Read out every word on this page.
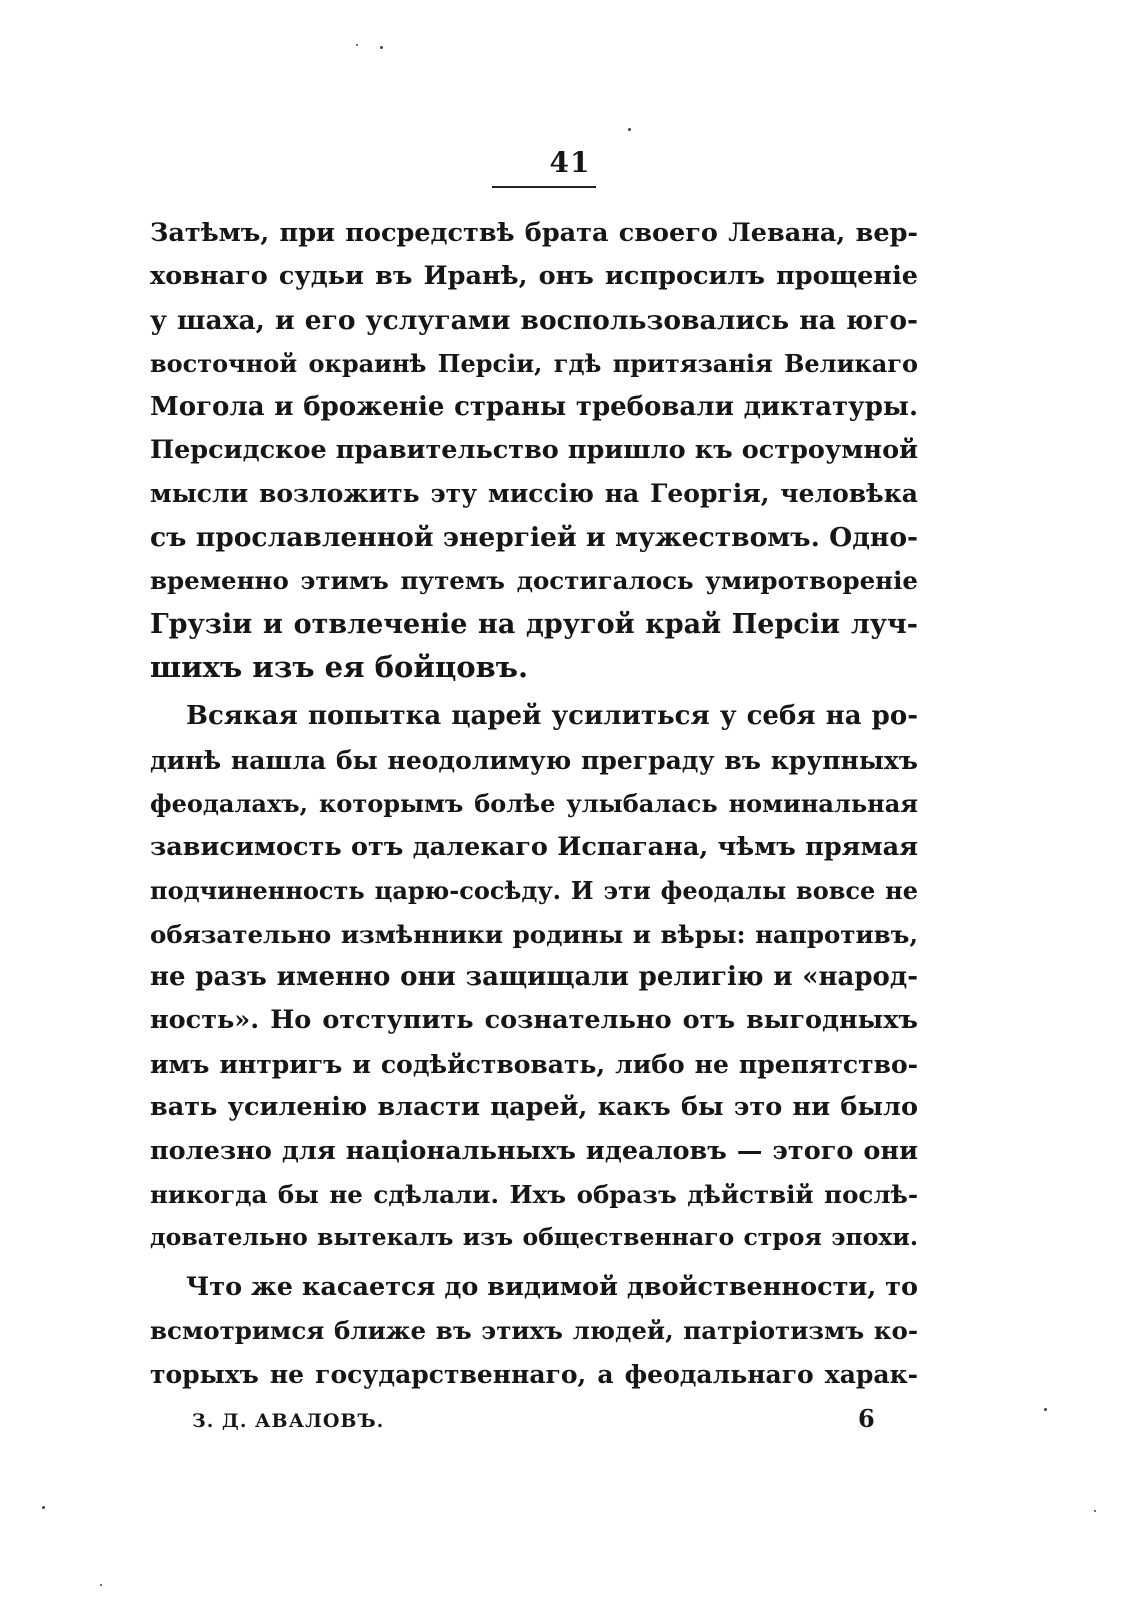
41
Затѣмъ, при посредствѣ брата своего Левана, вер-
ховнаго судьи въ Иранѣ, онъ испросилъ прощеніе
у шаха, и его услугами воспользовались на юго-
восточной окраинѣ Персіи, гдѣ притязанія Великаго
Могола и броженіе страны требовали диктатуры.
Персидское правительство пришло къ остроумной
мысли возложить эту миссію на Георгія, человѣка
съ прославленной энергіей и мужествомъ. Одно-
временно этимъ путемъ достигалось умиротвореніе
Грузіи и отвлеченіе на другой край Персіи луч-
шихъ изъ ея бойцовъ.
Всякая попытка царей усилиться у себя на ро-
динѣ нашла бы неодолимую преграду въ крупныхъ
феодалахъ, которымъ болѣе улыбалась номинальная
зависимость отъ далекаго Испагана, чѣмъ прямая
подчиненность царю-сосѣду. И эти феодалы вовсе не
обязательно измѣнники родины и вѣры: напротивъ,
не разъ именно они защищали религію и «народ-
ность». Но отступить сознательно отъ выгодныхъ
имъ интригъ и содѣйствовать, либо не препятство-
вать усиленію власти царей, какъ бы это ни было
полезно для національныхъ идеаловъ — этого они
никогда бы не сдѣлали. Ихъ образъ дѣйствій послѣ-
довательно вытекалъ изъ общественнаго строя эпохи.
Что же касается до видимой двойственности, то
всмотримся ближе въ этихъ людей, патріотизмъ ко-
торыхъ не государственнаго, а феодальнаго харак-
З. Д. АВАЛОВЪ.	6
